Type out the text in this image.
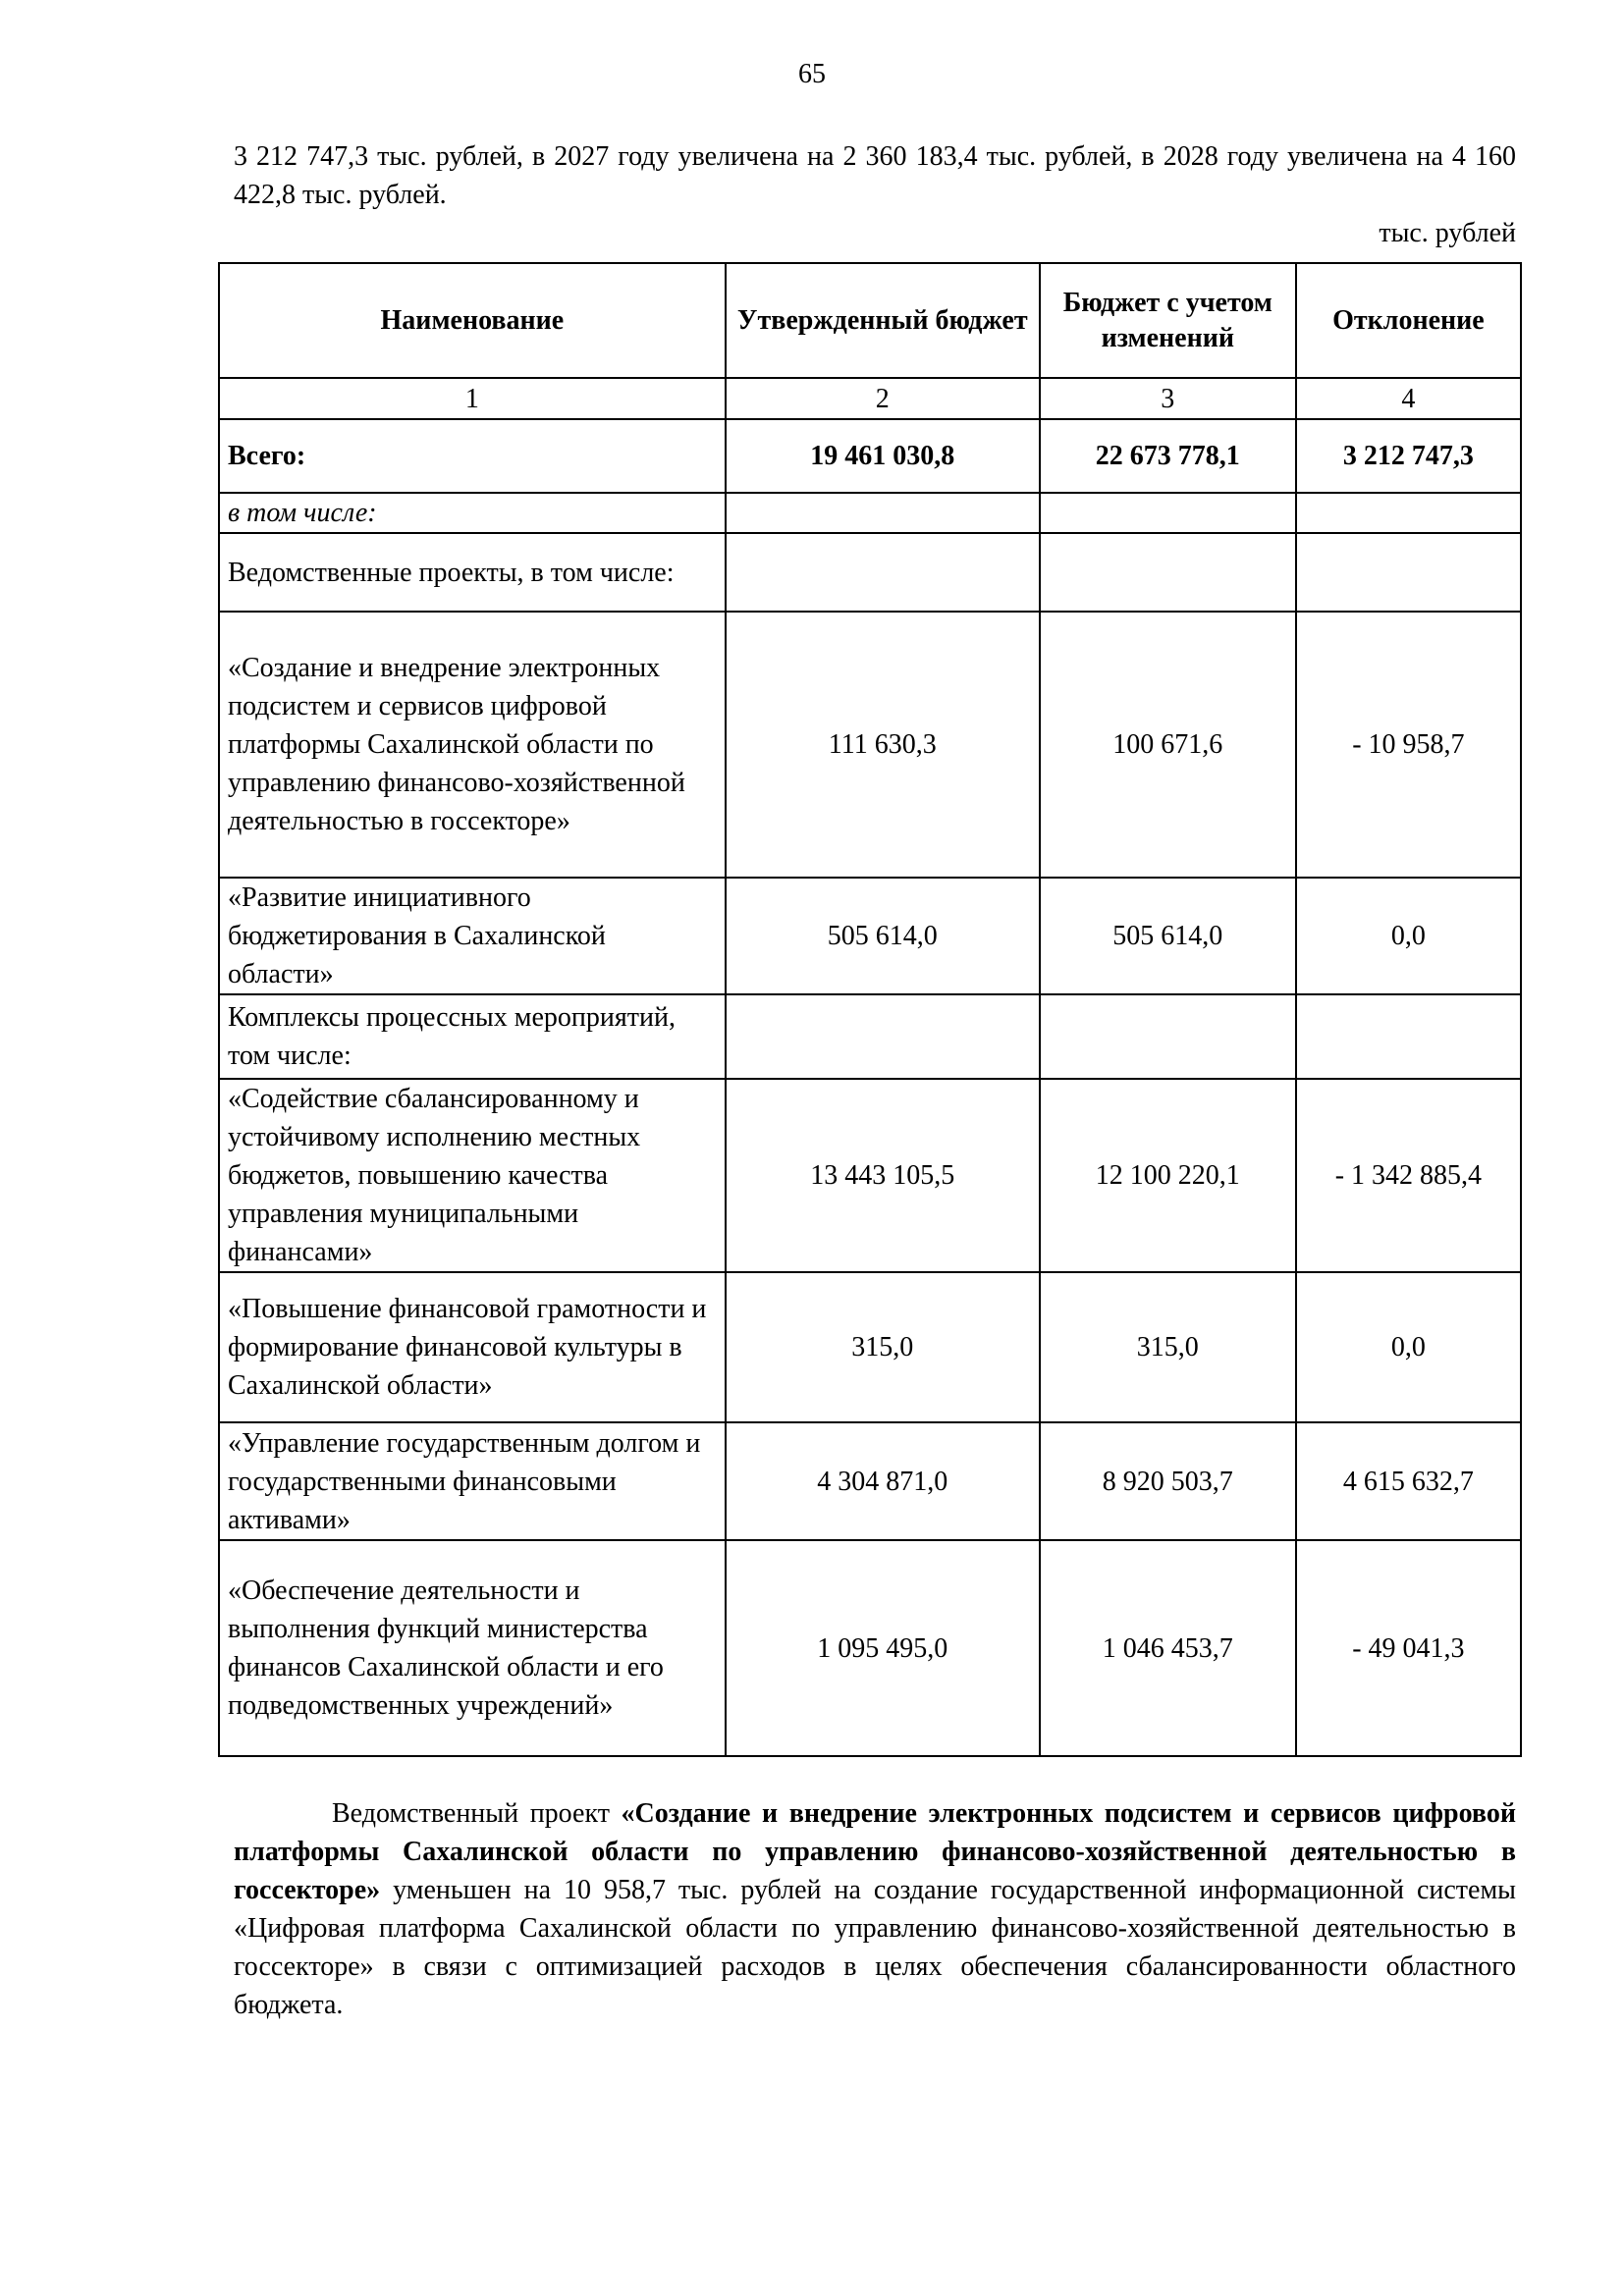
65

3 212 747,3 тыс. рублей, в 2027 году увеличена на 2 360 183,4 тыс. рублей, в 2028 году увеличена на 4 160 422,8 тыс. рублей.

тыс. рублей
Наименование	Утвержденный бюджет	Бюджет с учетом изменений	Отклонение
1	2	3	4
Всего:	19 461 030,8	22 673 778,1	3 212 747,3
в том числе:			
Ведомственные проекты, в том числе:			
«Создание и внедрение электронных подсистем и сервисов цифровой платформы Сахалинской области по управлению финансово-хозяйственной деятельностью в госсекторе»	111 630,3	100 671,6	- 10 958,7
«Развитие инициативного бюджетирования в Сахалинской области»	505 614,0	505 614,0	0,0
Комплексы процессных мероприятий, том числе:			
«Содействие сбалансированному и устойчивому исполнению местных бюджетов, повышению качества управления муниципальными финансами»	13 443 105,5	12 100 220,1	- 1 342 885,4
«Повышение финансовой грамотности и формирование финансовой культуры в Сахалинской области»	315,0	315,0	0,0
«Управление государственным долгом и государственными финансовыми активами»	4 304 871,0	8 920 503,7	4 615 632,7
«Обеспечение деятельности и выполнения функций министерства финансов Сахалинской области и его подведомственных учреждений»	1 095 495,0	1 046 453,7	- 49 041,3

Ведомственный проект «Создание и внедрение электронных подсистем и сервисов цифровой платформы Сахалинской области по управлению финансово-хозяйственной деятельностью в госсекторе» уменьшен на 10 958,7 тыс. рублей на создание государственной информационной системы «Цифровая платформа Сахалинской области по управлению финансово-хозяйственной деятельностью в госсекторе» в связи с оптимизацией расходов в целях обеспечения сбалансированности областного бюджета.
